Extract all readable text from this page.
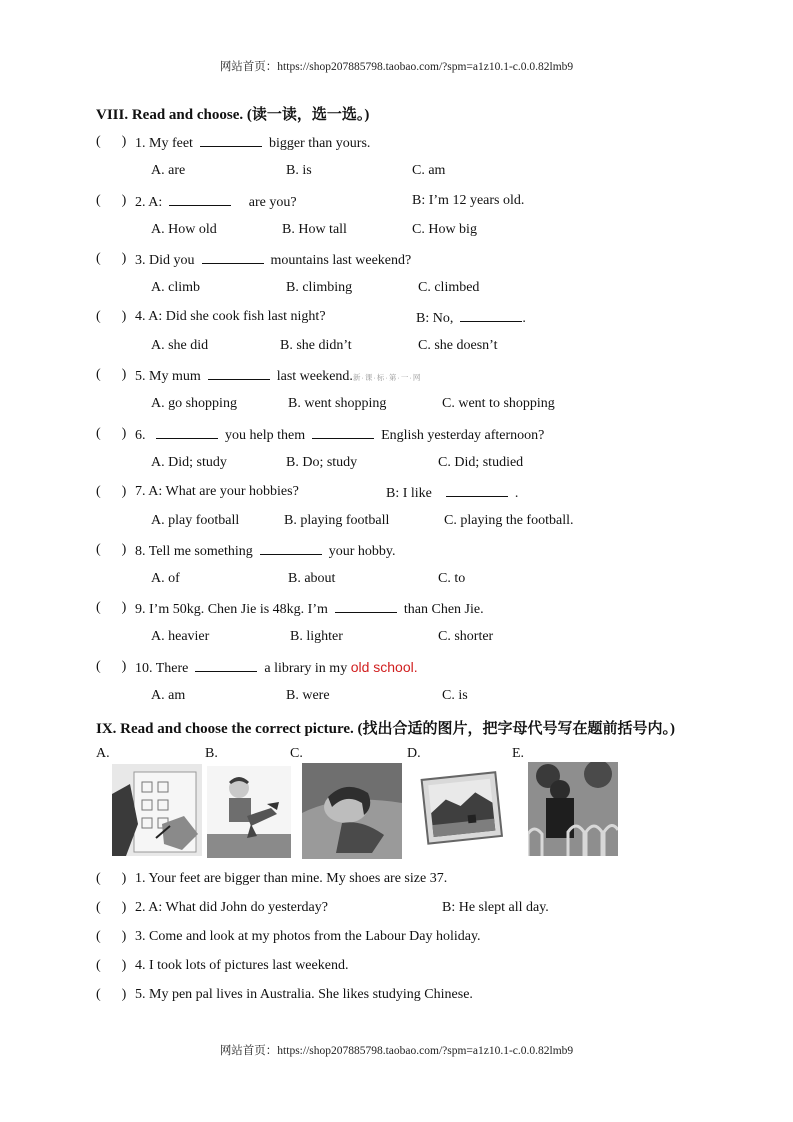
网站首页：https://shop207885798.taobao.com/?spm=a1z10.1-c.0.0.82lmb9
VIII. Read and choose. (读一读，选一选。)
( ) 1. My feet	bigger than yours.
A. are	B. is	C. am
( ) 2. A:	are you?	B: I’m 12 years old.
A. How old	B. How tall	C. How big
( ) 3. Did you	mountains last weekend?
A. climb	B. climbing	C. climbed
( ) 4. A: Did she cook fish last night?	B: No,	.
A. she did	B. she didn’t	C. she doesn’t
( ) 5. My mum	last weekend.新·课·标·第·一·网
A. go shopping	B. went shopping	C. went to shopping
( ) 6.	you help them	English yesterday afternoon?
A. Did; study	B. Do; study	C. Did; studied
( ) 7. A: What are your hobbies?	B: I like	.
A. play football	B. playing football	C. playing the football.
( ) 8. Tell me something	your hobby.
A. of	B. about	C. to
( ) 9. I’m 50kg. Chen Jie is 48kg. I’m	than Chen Jie.
A. heavier	B. lighter	C. shorter
( ) 10. There	a library in my old school.
A. am	B. were	C. is
IX. Read and choose the correct picture. (找出合适的图片，把字母代号写在题前括号内。)
A.	B.	C.	D.	E.
( ) 1. Your feet are bigger than mine. My shoes are size 37.
( ) 2. A: What did John do yesterday?	B: He slept all day.
( ) 3. Come and look at my photos from the Labour Day holiday.
( ) 4. I took lots of pictures last weekend.
( ) 5. My pen pal lives in Australia. She likes studying Chinese.
网站首页：https://shop207885798.taobao.com/?spm=a1z10.1-c.0.0.82lmb9
